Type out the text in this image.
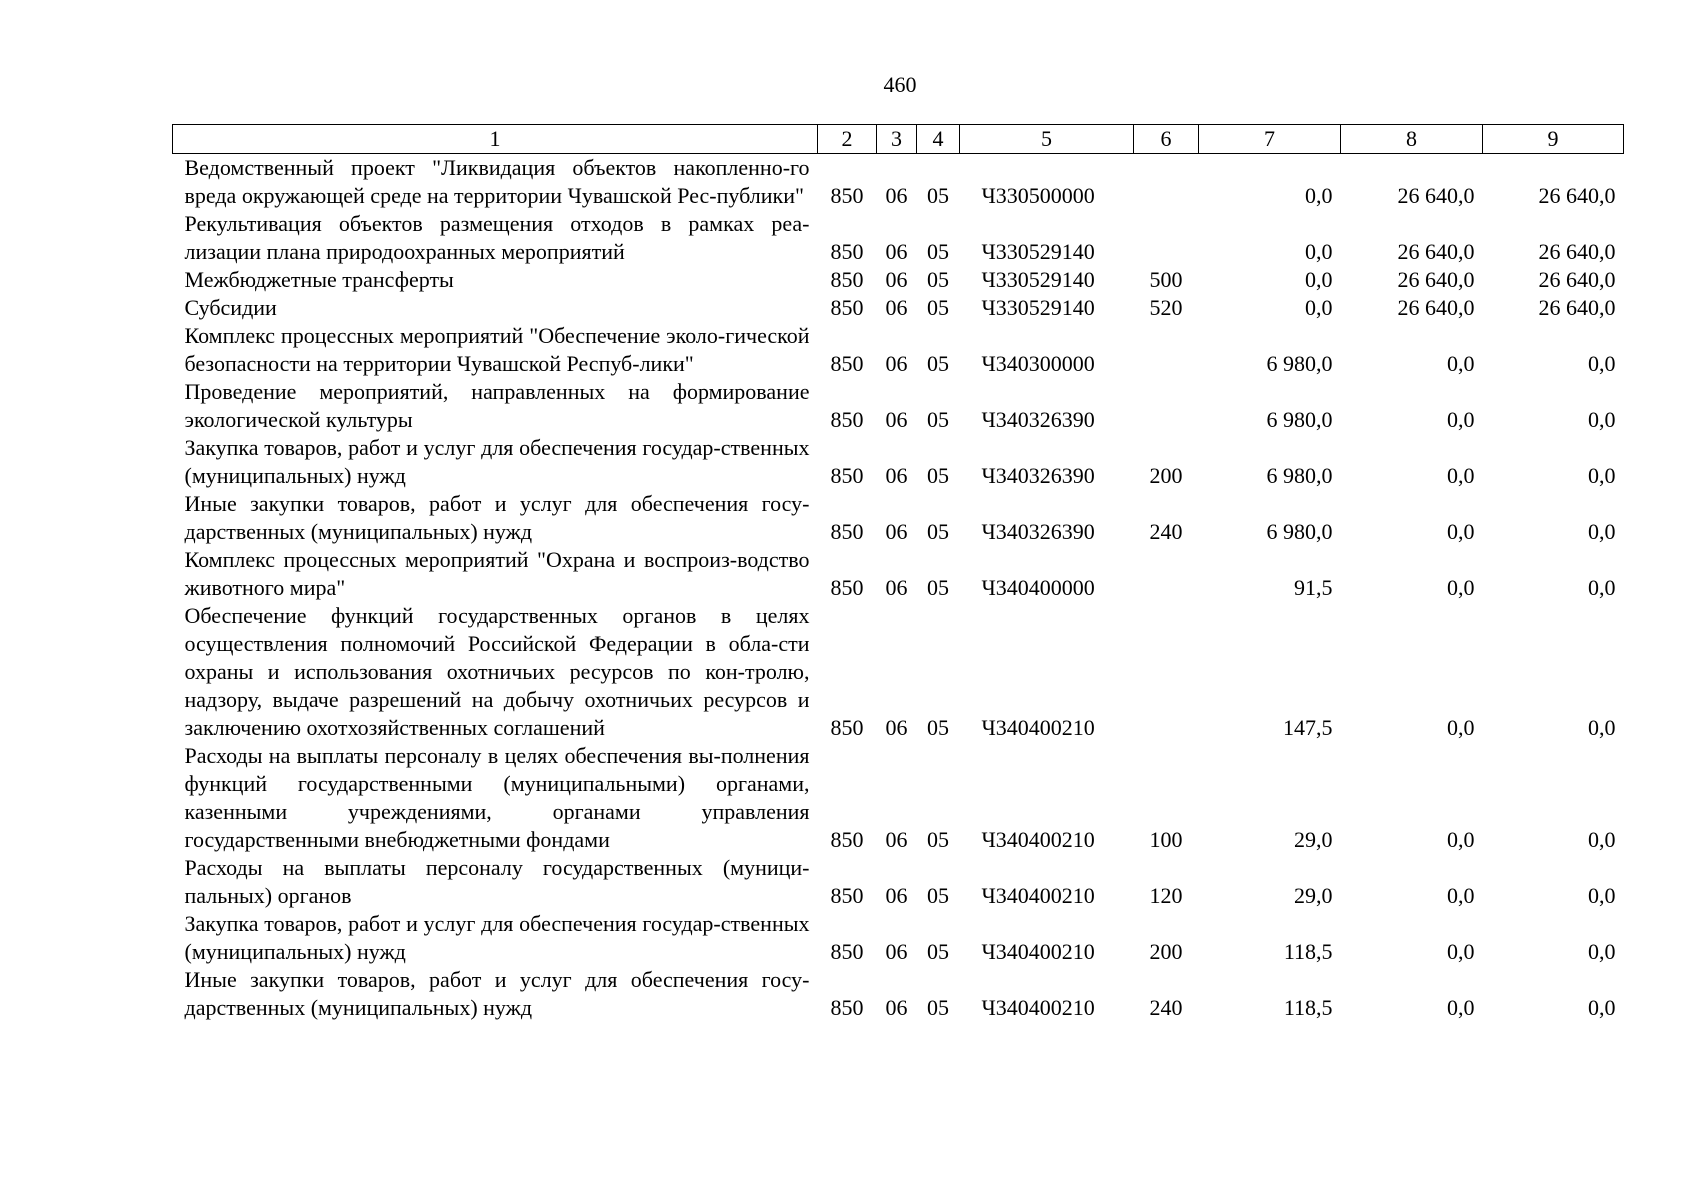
460
1	2	3	4	5	6	7	8	9
Ведомственный проект "Ликвидация объектов накопленно-го вреда окружающей среде на территории Чувашской Рес-публики"	850	06	05	Ч330500000		0,0	26 640,0	26 640,0
Рекультивация объектов размещения отходов в рамках реа-лизации плана природоохранных мероприятий	850	06	05	Ч330529140		0,0	26 640,0	26 640,0
Межбюджетные трансферты	850	06	05	Ч330529140	500	0,0	26 640,0	26 640,0
Субсидии	850	06	05	Ч330529140	520	0,0	26 640,0	26 640,0
Комплекс процессных мероприятий "Обеспечение эколо-гической безопасности на территории Чувашской Респуб-лики"	850	06	05	Ч340300000		6 980,0	0,0	0,0
Проведение мероприятий, направленных на формирование экологической культуры	850	06	05	Ч340326390		6 980,0	0,0	0,0
Закупка товаров, работ и услуг для обеспечения государ-ственных (муниципальных) нужд	850	06	05	Ч340326390	200	6 980,0	0,0	0,0
Иные закупки товаров, работ и услуг для обеспечения госу-дарственных (муниципальных) нужд	850	06	05	Ч340326390	240	6 980,0	0,0	0,0
Комплекс процессных мероприятий "Охрана и воспроиз-водство животного мира"	850	06	05	Ч340400000		91,5	0,0	0,0
Обеспечение функций государственных органов в целях осуществления полномочий Российской Федерации в обла-сти охраны и использования охотничьих ресурсов по кон-тролю, надзору, выдаче разрешений на добычу охотничьих ресурсов и заключению охотхозяйственных соглашений	850	06	05	Ч340400210		147,5	0,0	0,0
Расходы на выплаты персоналу в целях обеспечения вы-полнения функций государственными (муниципальными) органами, казенными учреждениями, органами управления государственными внебюджетными фондами	850	06	05	Ч340400210	100	29,0	0,0	0,0
Расходы на выплаты персоналу государственных (муници-пальных) органов	850	06	05	Ч340400210	120	29,0	0,0	0,0
Закупка товаров, работ и услуг для обеспечения государ-ственных (муниципальных) нужд	850	06	05	Ч340400210	200	118,5	0,0	0,0
Иные закупки товаров, работ и услуг для обеспечения госу-дарственных (муниципальных) нужд	850	06	05	Ч340400210	240	118,5	0,0	0,0
